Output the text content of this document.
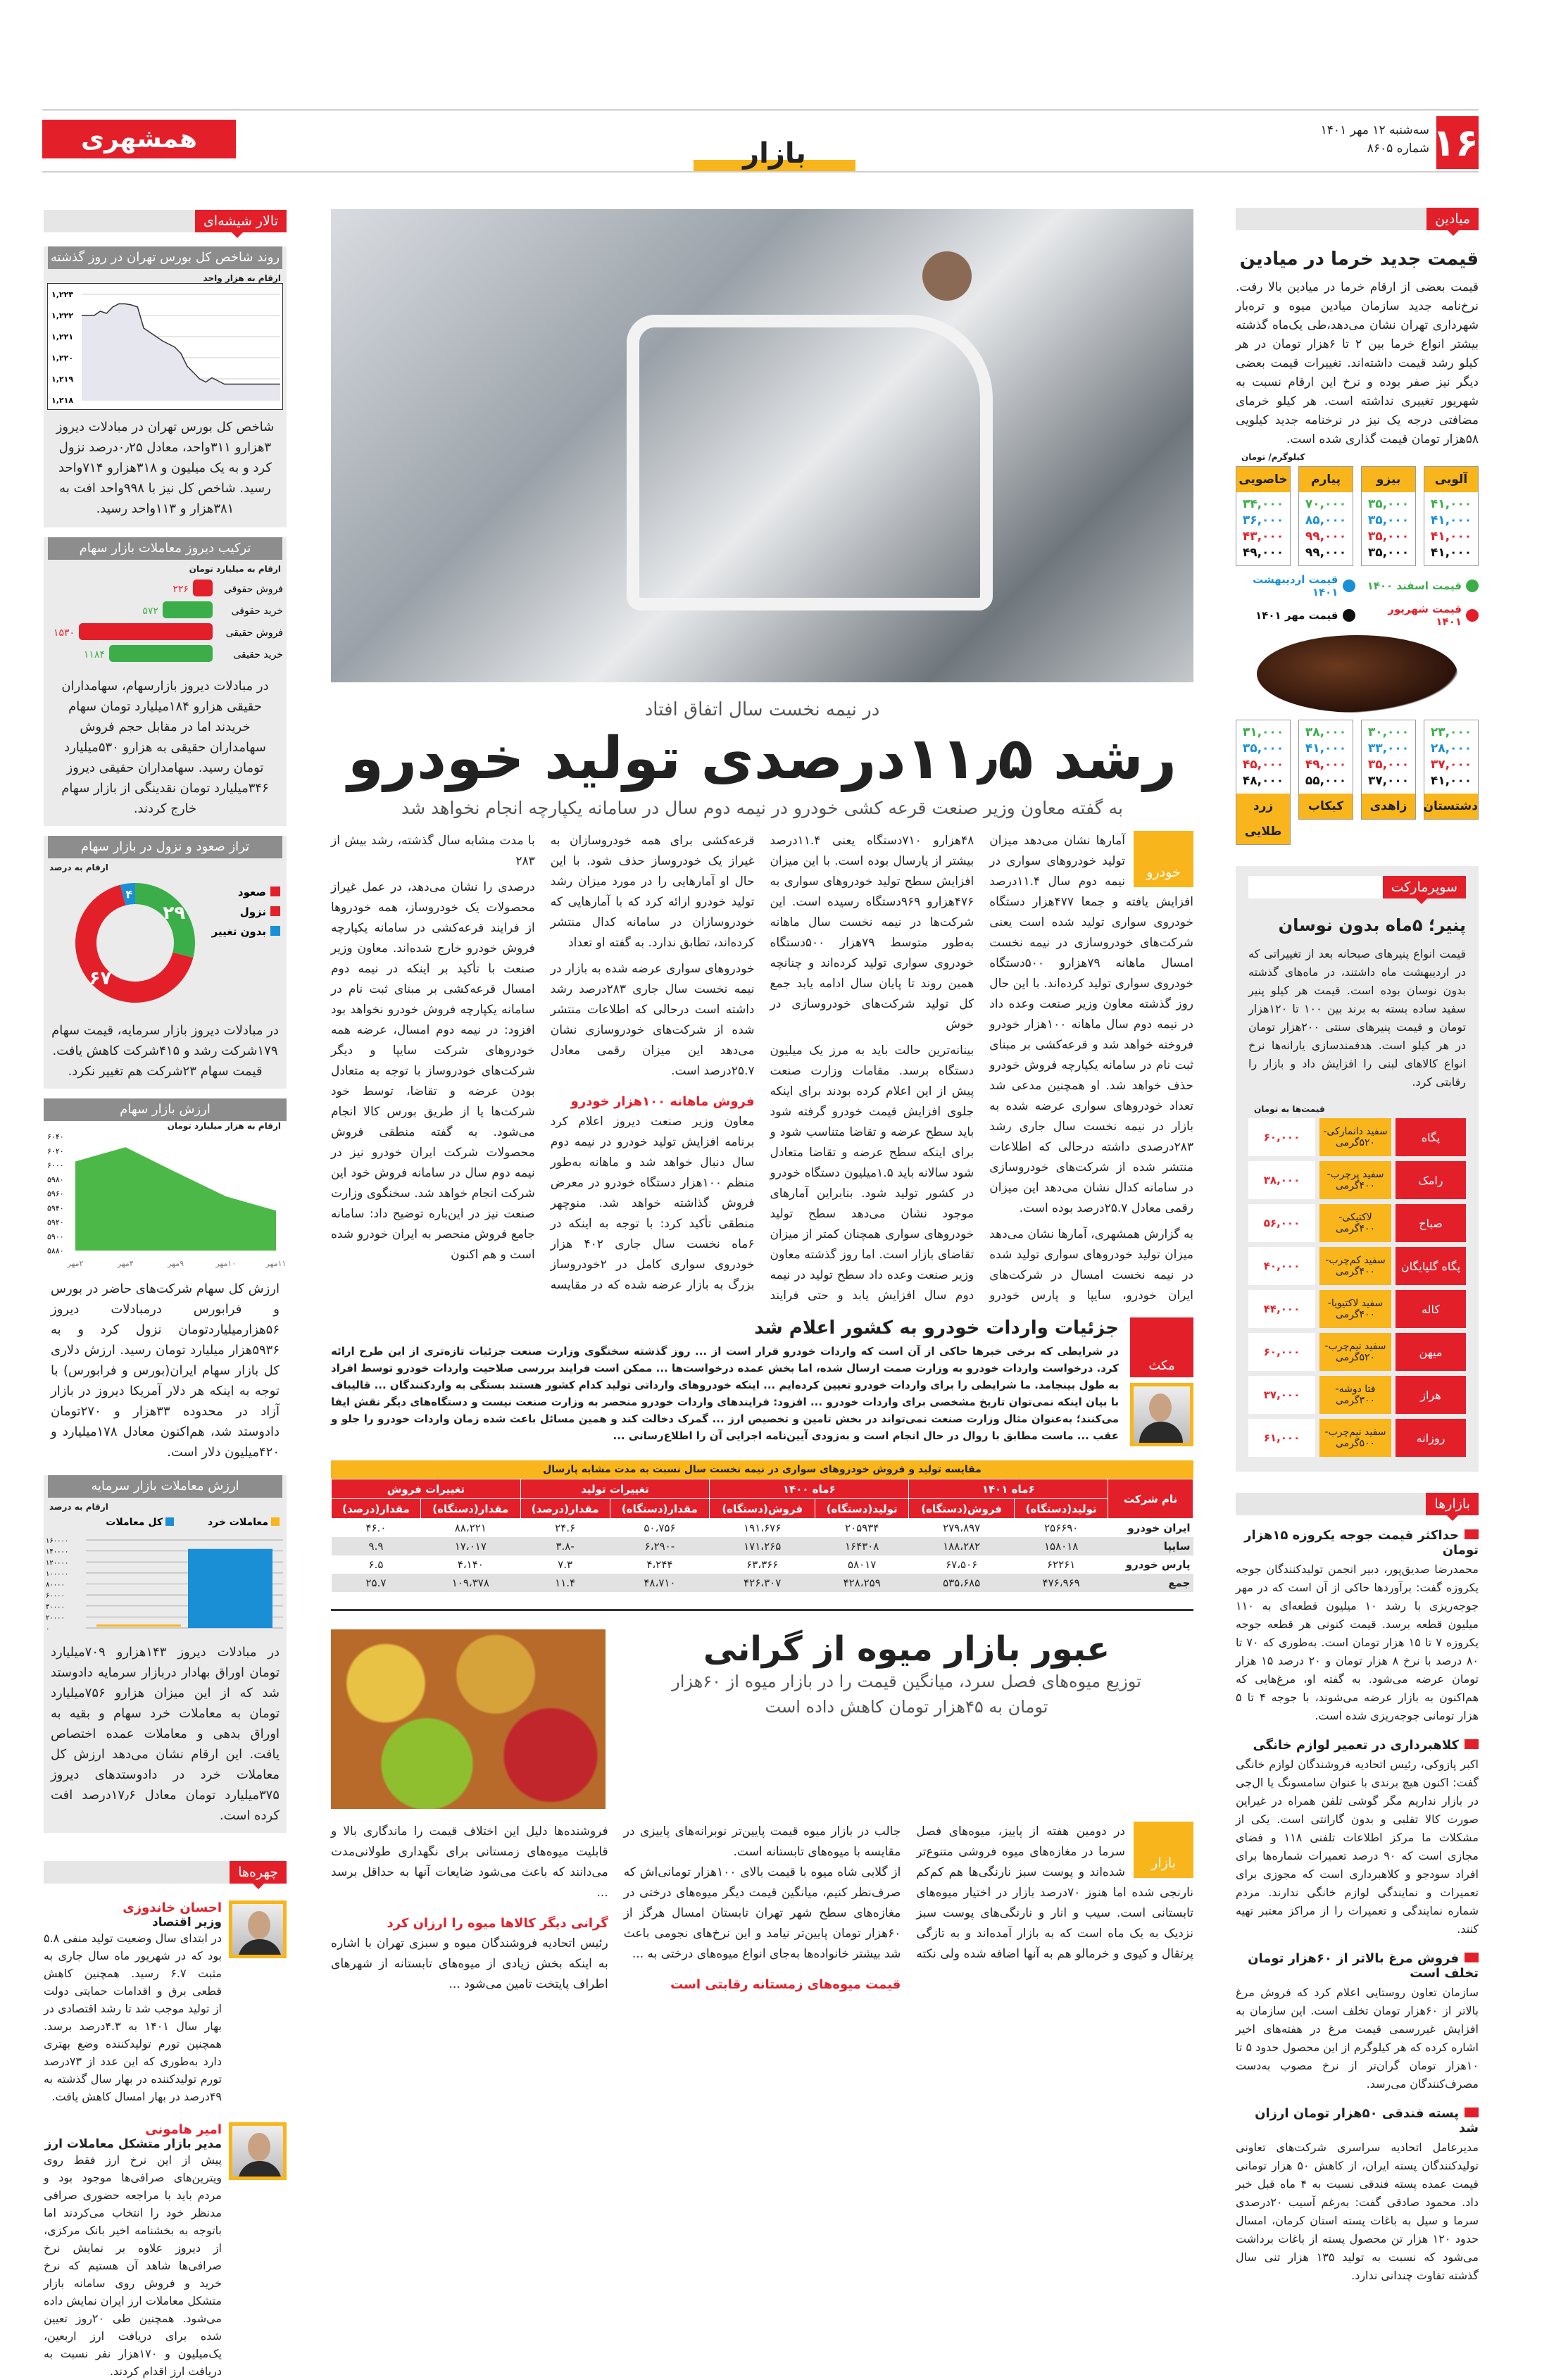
۱۶
سه‌شنبه ۱۲ مهر ۱۴۰۱
شماره ۸۶۰۵
همشهری	بازار
میادین
قیمت جدید خرما در میادین

قیمت بعضی از ارقام خرما در میادین بالا رفت. نرخ‌نامه جدید سازمان میادین میوه و تره‌بار شهرداری تهران نشان می‌دهد،طی یک‌ماه گذشته بیشتر انواع خرما بین ۲ تا ۶هزار تومان در هر کیلو رشد قیمت داشته‌اند. تغییرات قیمت بعضی دیگر نیز صفر بوده و نرخ این ارقام نسبت به شهریور تغییری نداشته است. هر کیلو خرمای مضافتی درجه یک نیز در نرخنامه جدید کیلویی ۵۸هزار تومان قیمت گذاری شده است.

کیلوگرم/ تومان
آلویی
۴۱,۰۰۰
۴۱,۰۰۰
۴۱,۰۰۰
۴۱,۰۰۰
بیزو
۳۵,۰۰۰
۳۵,۰۰۰
۳۵,۰۰۰
۳۵,۰۰۰
پیارم
۷۰,۰۰۰
۸۵,۰۰۰
۹۹,۰۰۰
۹۹,۰۰۰
خاصویی
۳۴,۰۰۰
۳۶,۰۰۰
۴۳,۰۰۰
۴۹,۰۰۰
قیمت اسفند ۱۴۰۰
قیمت اردیبهشت ۱۴۰۱
قیمت شهریور ۱۴۰۱
قیمت مهر ۱۴۰۱
۲۳,۰۰۰
۲۸,۰۰۰
۳۷,۰۰۰
۴۱,۰۰۰
دشتستان
۳۰,۰۰۰
۳۳,۰۰۰
۳۵,۰۰۰
۳۷,۰۰۰
زاهدی
۳۸,۰۰۰
۴۱,۰۰۰
۴۹,۰۰۰
۵۵,۰۰۰
کبکاب
۳۱,۰۰۰
۳۵,۰۰۰
۴۵,۰۰۰
۴۸,۰۰۰
زرد طلایی
سوپرمارکت
پنیر؛ ۵ماه بدون نوسان

قیمت انواع پنیرهای صبحانه بعد از تغییراتی که در اردیبهشت ماه داشتند، در ماه‌های گذشته بدون نوسان بوده است. قیمت هر کیلو پنیر سفید ساده بسته به برند بین ۱۰۰ تا ۱۲۰هزار تومان و قیمت پنیرهای سنتی ۲۰۰هزار تومان در هر کیلو است. هدفمندسازی یارانه‌ها نرخ انواع کالاهای لبنی را افزایش داد و بازار را رقابتی کرد.

قیمت‌ها به تومان
پگاه
سفید دانمارکی- ۵۲۰گرمی
۶۰,۰۰۰
رامک
سفید پرچرب- ۴۰۰گرمی
۳۸,۰۰۰
صباح
لاکتیکی- ۴۰۰گرمی
۵۶,۰۰۰
پگاه گلپایگان
سفید کم‌چرب- ۴۰۰گرمی
۴۰,۰۰۰
کاله
سفید لاکتیویا- ۴۰۰گرمی
۴۴,۰۰۰
میهن
سفید نیم‌چرب- ۵۲۰گرمی
۶۰,۰۰۰
هراز
فتا دوشه- ۳۰۰گرمی
۳۷,۰۰۰
روزانه
سفید نیم‌چرب- ۵۰۰گرمی
۶۱,۰۰۰
بازارها
حداکثر قیمت جوجه یکروزه ۱۵هزار تومان

محمدرضا صدیق‌پور، دبیر انجمن تولیدکنندگان جوجه یکروزه گفت: برآوردها حاکی از آن است که در مهر جوجه‌ریزی با رشد ۱۰ میلیون قطعه‌ای به ۱۱۰ میلیون قطعه برسد. قیمت کنونی هر قطعه جوجه یکروزه ۷ تا ۱۵ هزار تومان است. به‌طوری که ۷۰ تا ۸۰ درصد با نرخ ۸ هزار تومان و ۲۰ درصد ۱۵ هزار تومان عرضه می‌شود. به گفته او، مرغ‌هایی که هم‌اکنون به بازار عرضه می‌شوند، با جوجه ۴ تا ۵ هزار تومانی جوجه‌ریزی شده است.

کلاهبرداری در تعمیر لوازم خانگی

اکبر پازوکی، رئیس اتحادیه فروشندگان لوازم خانگی گفت: اکنون هیچ برندی با عنوان سامسونگ یا ال‌جی در بازار نداریم مگر گوشی تلفن همراه در غیراین صورت کالا تقلبی و بدون گارانتی است. یکی از مشکلات ما مرکز اطلاعات تلفنی ۱۱۸ و فضای مجازی است که ۹۰ درصد تعمیرات شماره‌ها برای افراد سودجو و کلاهبرداری است که مجوزی برای تعمیرات و نمایندگی لوازم خانگی ندارند. مردم شماره نمایندگی و تعمیرات را از مراکز معتبر تهیه کنند.

فروش مرغ بالاتر از ۶۰هزار تومان تخلف است

سازمان تعاون روستایی اعلام کرد که فروش مرغ بالاتر از ۶۰هزار تومان تخلف است. این سازمان به افزایش غیررسمی قیمت مرغ در هفته‌های اخیر اشاره کرده که هر کیلوگرم از این محصول حدود ۵ تا ۱۰هزار تومان گران‌تر از نرخ مصوب به‌دست مصرف‌کنندگان می‌رسد.

پسته فندقی ۵۰هزار تومان ارزان شد

مدیرعامل اتحادیه سراسری شرکت‌های تعاونی تولیدکنندگان پسته ایران، از کاهش ۵۰ هزار تومانی قیمت عمده پسته فندقی نسبت به ۴ ماه قبل خبر داد. محمود صادقی گفت: به‌رغم آسیب ۲۰درصدی سرما و سیل به باغات پسته استان کرمان، امسال حدود ۱۲۰ هزار تن محصول پسته از باغات برداشت می‌شود که نسبت به تولید ۱۳۵ هزار تنی سال گذشته تفاوت چندانی ندارد.

در نیمه نخست سال اتفاق افتاد
رشد ۱۱٫۵درصدی تولید خودرو
به گفته معاون وزیر صنعت قرعه کشی خودرو در نیمه دوم سال در سامانه یکپارچه انجام نخواهد شد
خودرو
آمارها نشان می‌دهد میزان تولید خودروهای سواری در نیمه دوم سال ۱۱.۴درصد افزایش یافته و جمعا ۴۷۷هزار دستگاه خودروی سواری تولید شده است یعنی شرکت‌های خودروسازی در نیمه نخست امسال ماهانه ۷۹هزارو ۵۰۰دستگاه خودروی سواری تولید کرده‌اند. با این حال روز گذشته معاون وزیر صنعت وعده داد در نیمه دوم سال ماهانه ۱۰۰هزار خودرو فروخته خواهد شد و قرعه‌کشی بر مبنای ثبت نام در سامانه یکپارچه فروش خودرو حذف خواهد شد. او همچنین مدعی شد تعداد خودروهای سواری عرضه شده به بازار در نیمه نخست سال جاری رشد ۲۸۳درصدی داشته درحالی که اطلاعات منتشر شده از شرکت‌های خودروسازی در سامانه کدال نشان می‌دهد این میزان رقمی معادل ۲۵.۷درصد بوده است.
به گزارش همشهری، آمارها نشان می‌دهد میزان تولید خودروهای سواری تولید شده در نیمه نخست امسال در شرکت‌های ایران خودرو، سایپا و پارس خودرو ۴۸هزارو ۷۱۰دستگاه یعنی ۱۱.۴درصد بیشتر از پارسال بوده است. با این میزان افزایش سطح تولید خودروهای سواری به ۴۷۶هزارو ۹۶۹دستگاه رسیده است. این شرکت‌ها در نیمه نخست سال ماهانه به‌طور متوسط ۷۹هزار ۵۰۰دستگاه خودروی سواری تولید کرده‌اند و چنانچه همین روند تا پایان سال ادامه یابد جمع کل تولید شرکت‌های خودروسازی در خوش
بینانه‌ترین حالت باید به مرز یک میلیون دستگاه برسد. مقامات وزارت صنعت پیش از این اعلام کرده بودند برای اینکه جلوی افزایش قیمت خودرو گرفته شود باید سطح عرضه و تقاضا متناسب شود و برای اینکه سطح عرضه و تقاضا متعادل شود سالانه باید ۱.۵میلیون دستگاه خودرو در کشور تولید شود. بنابراین آمارهای موجود نشان می‌دهد سطح تولید خودروهای سواری همچنان کمتر از میزان تقاضای بازار است. اما روز گذشته معاون وزیر صنعت وعده داد سطح تولید در نیمه دوم سال افزایش یابد و حتی فرایند قرعه‌کشی برای همه خودروسازان به غیراز یک خودروساز حذف شود. با این حال او آمارهایی را در مورد میزان رشد تولید خودرو ارائه کرد که با آمارهایی که خودروسازان در سامانه کدال منتشر کرده‌اند، تطابق ندارد. به گفته او تعداد
خودروهای سواری عرضه شده به بازار در نیمه نخست سال جاری ۲۸۳درصد رشد داشته است درحالی که اطلاعات منتشر شده از شرکت‌های خودروسازی نشان می‌دهد این میزان رقمی معادل ۲۵.۷درصد است.
فروش ماهانه ۱۰۰هزار خودرو
معاون وزیر صنعت دیروز اعلام کرد برنامه افزایش تولید خودرو در نیمه دوم سال دنبال خواهد شد و ماهانه به‌طور منظم ۱۰۰هزار دستگاه خودرو در معرض فروش گذاشته خواهد شد. منوچهر منطقی تأکید کرد: با توجه به اینکه در ۶ماه نخست سال جاری ۴۰۲ هزار خودروی سواری کامل در ۲خودروساز بزرگ به بازار عرضه شده که در مقایسه با مدت مشابه سال گذشته، رشد بیش از ۲۸۳
درصدی را نشان می‌دهد، در عمل غیراز محصولات یک خودروساز، همه خودروها از فرایند قرعه‌کشی در سامانه یکپارچه فروش خودرو خارج شده‌اند. معاون وزیر صنعت با تأکید بر اینکه در نیمه دوم امسال قرعه‌کشی بر مبنای ثبت نام در سامانه یکپارچه فروش خودرو نخواهد بود افزود: در نیمه دوم امسال، عرضه همه خودروهای شرکت سایپا و دیگر شرکت‌های خودروساز با توجه به متعادل بودن عرضه و تقاضا، توسط خود شرکت‌ها یا از طریق بورس کالا انجام می‌شود. به گفته منطقی فروش محصولات شرکت ایران خودرو نیز در نیمه دوم سال در سامانه فروش خود این شرکت انجام خواهد شد. سخنگوی وزارت صنعت نیز در این‌باره توضیح داد: سامانه جامع فروش منحصر به ایران خودرو شده است و هم اکنون
مکث
جزئیات واردات خودرو به کشور اعلام شد
در شرایطی که برخی خبرها حاکی از آن است که واردات خودرو قرار است از ... روز گذشته سخنگوی وزارت صنعت جزئیات تازه‌تری از این طرح ارائه کرد. درخواست واردات خودرو به وزارت صمت ارسال شده، اما بخش عمده درخواست‌ها ... ممکن است فرایند بررسی صلاحیت واردات خودرو توسط افراد به طول بینجامد. ما شرایطی را برای واردات خودرو تعیین کرده‌ایم ... اینکه خودروهای وارداتی تولید کدام کشور هستند بستگی به واردکنندگان ... قالیباف با بیان اینکه نمی‌توان تاریخ مشخصی برای واردات خودرو ... افزود: فرایندهای واردات خودرو منحصر به وزارت صنعت نیست و دستگاه‌های دیگر نقش ایفا می‌کنند؛ به‌عنوان مثال وزارت صنعت نمی‌تواند در بخش تامین و تخصیص ارز ... گمرک دخالت کند و همین مسائل باعث شده زمان واردات خودرو را جلو و عقب ... ماست مطابق با روال در حال انجام است و به‌زودی آیین‌نامه اجرایی آن را اطلاع‌رسانی ...
مقایسه تولید و فروش خودروهای سواری در نیمه نخست سال نسبت به مدت مشابه پارسال
نام شرکت	۶ماه ۱۴۰۱		۶ماه ۱۴۰۰		تغییرات تولید		تغییرات فروش	
	تولید(دستگاه)	فروش(دستگاه)	تولید(دستگاه)	فروش(دستگاه)	مقدار(دستگاه)	مقدار(درصد)	مقدار(دستگاه)	مقدار(درصد)
ایران خودرو	۲۵۶۶۹۰	۲۷۹،۸۹۷	۲۰۵۹۳۴	۱۹۱،۶۷۶	۵۰،۷۵۶	۲۴.۶	۸۸،۲۲۱	۴۶.۰
سایپا	۱۵۸۰۱۸	۱۸۸،۲۸۲	۱۶۴۳۰۸	۱۷۱،۲۶۵	-۶،۲۹۰	-۳.۸	۱۷،۰۱۷	۹.۹
پارس خودرو	۶۲۲۶۱	۶۷،۵۰۶	۵۸۰۱۷	۶۳،۳۶۶	۴،۲۴۴	۷.۳	۴،۱۴۰	۶.۵
جمع	۴۷۶،۹۶۹	۵۳۵،۶۸۵	۴۲۸،۲۵۹	۴۲۶،۳۰۷	۴۸،۷۱۰	۱۱.۴	۱۰۹،۳۷۸	۲۵.۷
عبور بازار میوه از گرانی
توزیع میوه‌های فصل سرد، میانگین قیمت را در بازار میوه از ۶۰هزار تومان به ۴۵هزار تومان کاهش داده است
بازار
در دومین هفته از پاییز، میوه‌های فصل سرما در مغازه‌های میوه فروشی متنوع‌تر شده‌اند و پوست سبز نارنگی‌ها هم کم‌کم نارنجی شده اما هنوز ۷۰درصد بازار در اختیار میوه‌های تابستانی است. سیب و انار و نارنگی‌های پوست سبز نزدیک به یک ماه است که به بازار آمده‌اند و به تازگی پرتقال و کیوی و خرمالو هم به آنها اضافه شده ولی نکته جالب در بازار میوه قیمت پایین‌تر نوبرانه‌های پاییزی در مقایسه با میوه‌های تابستانه است.
از گلابی شاه میوه با قیمت بالای ۱۰۰هزار تومانی‌اش که صرف‌نظر کنیم، میانگین قیمت دیگر میوه‌های درختی در مغازه‌های سطح شهر تهران تابستان امسال هرگز از ۶۰هزار تومان پایین‌تر نیامد و این نرخ‌های نجومی باعث شد بیشتر خانواده‌ها به‌جای انواع میوه‌های درختی به ...
قیمت میوه‌های زمستانه رقابتی است
فروشنده‌ها دلیل این اختلاف قیمت را ماندگاری بالا و قابلیت میوه‌های زمستانی برای نگهداری طولانی‌مدت می‌دانند که باعث می‌شود ضایعات آنها به حداقل برسد ...
گرانی دیگر کالاها میوه را ارزان کرد
رئیس اتحادیه فروشندگان میوه و سبزی تهران با اشاره به اینکه بخش زیادی از میوه‌های تابستانه از شهرهای اطراف پایتخت تامین می‌شود ...
تالار شیشه‌ای
روند شاخص کل بورس تهران در روز گذشته
ارقام به هزار واحد
۱,۲۱۸
۱,۲۱۹
۱,۲۲۰
۱,۲۲۱
۱,۲۲۲
۱,۲۲۳
شاخص کل بورس تهران در مبادلات دیروز ۳هزارو ۳۱۱واحد، معادل ۰٫۲۵درصد نزول کرد و به یک میلیون و ۳۱۸هزارو ۷۱۴واحد رسید. شاخص کل نیز با ۹۹۸واحد افت به ۳۸۱هزار و ۱۱۳واحد رسید.
ترکیب دیروز معاملات بازار سهام
ارقام به میلیارد تومان
۲۲۶	فروش حقوقی
۵۷۲	خرید حقوقی
۱۵۳۰	فروش حقیقی
۱۱۸۴	خرید حقیقی
در مبادلات دیروز بازارسهام، سهامداران حقیقی هزارو ۱۸۴میلیارد تومان سهام خریدند اما در مقابل حجم فروش سهامداران حقیقی به هزارو ۵۳۰میلیارد تومان رسید. سهامداران حقیقی دیروز ۳۴۶میلیارد تومان نقدینگی از بازار سهام خارج کردند.
تراز صعود و نزول در بازار سهام
ارقام به درصد
۲۹
۶۷
۴	صعود
نزول
بدون تغییر
در مبادلات دیروز بازار سرمایه، قیمت سهام ۱۷۹شرکت رشد و ۴۱۵شرکت کاهش یافت. قیمت سهام ۲۳شرکت هم تغییر نکرد.
ارزش بازار سهام
ارقام به هزار میلیارد تومان
۵۸۸۰
۵۹۰۰
۵۹۲۰
۵۹۴۰
۵۹۶۰
۵۹۸۰
۶۰۰۰
۶۰۲۰
۶۰۴۰
۲مهر	۴مهر	۹مهر	۱۰مهر	۱۱مهر
ارزش کل سهام شرکت‌های حاضر در بورس و فرابورس درمبادلات دیروز ۵۶هزارمیلیاردتومان نزول کرد و به ۵۹۳۶هزار میلیارد تومان رسید. ارزش دلاری کل بازار سهام ایران(بورس و فرابورس) با توجه به اینکه هر دلار آمریکا دیروز در بازار آزاد در محدوده ۳۳هزار و ۲۷۰تومان دادوستد شد، هم‌اکنون معادل ۱۷۸میلیارد و ۴۲۰میلیون دلار است.
ارزش معاملات بازار سرمایه
ارقام به درصد
۰
۲۰۰۰۰
۴۰۰۰۰
۶۰۰۰۰
۸۰۰۰۰
۱۰۰۰۰۰
۱۲۰۰۰۰
۱۴۰۰۰۰
۱۶۰۰۰۰
معاملات خرد
کل معاملات
در مبادلات دیروز ۱۴۳هزارو ۷۰۹میلیارد تومان اوراق بهادار دربازار سرمایه دادوستد شد که از این میزان هزارو ۷۵۶میلیارد تومان به معاملات خرد سهام و بقیه به اوراق بدهی و معاملات عمده اختصاص یافت. این ارقام نشان می‌دهد ارزش کل معاملات خرد در دادوستدهای دیروز ۳۷۵میلیارد تومان معادل ۱۷٫۶درصد افت کرده است.
چهره‌ها
احسان خاندوزی
وزیر اقتصاد

در ابتدای سال وضعیت تولید منفی ۵.۸ بود که در شهریور ماه سال جاری به مثبت ۶.۷ رسید. همچنین کاهش قطعی برق و اقدامات حمایتی دولت از تولید موجب شد تا رشد اقتصادی در بهار سال ۱۴۰۱ به ۴.۳درصد برسد. همچنین تورم تولیدکننده وضع بهتری دارد به‌طوری که این عدد از ۷۳درصد تورم تولیدکننده در بهار سال گذشته به ۴۹درصد در بهار امسال کاهش یافت.

امیر هامونی
مدیر بازار متشکل معاملات ارز

پیش از این نرخ ارز فقط روی ویترین‌های صرافی‌ها موجود بود و مردم باید با مراجعه حضوری صرافی مدنظر خود را انتخاب می‌کردند اما باتوجه به بخشنامه اخیر بانک مرکزی، از دیروز علاوه بر نمایش نرخ صرافی‌ها شاهد آن هستیم که نرخ خرید و فروش روی سامانه بازار متشکل معاملات ارز ایران نمایش داده می‌شود. همچنین طی ۲۰روز تعیین شده برای دریافت ارز اربعین، یک‌میلیون و ۱۷۰هزار نفر نسبت به دریافت ارز اقدام کردند.
